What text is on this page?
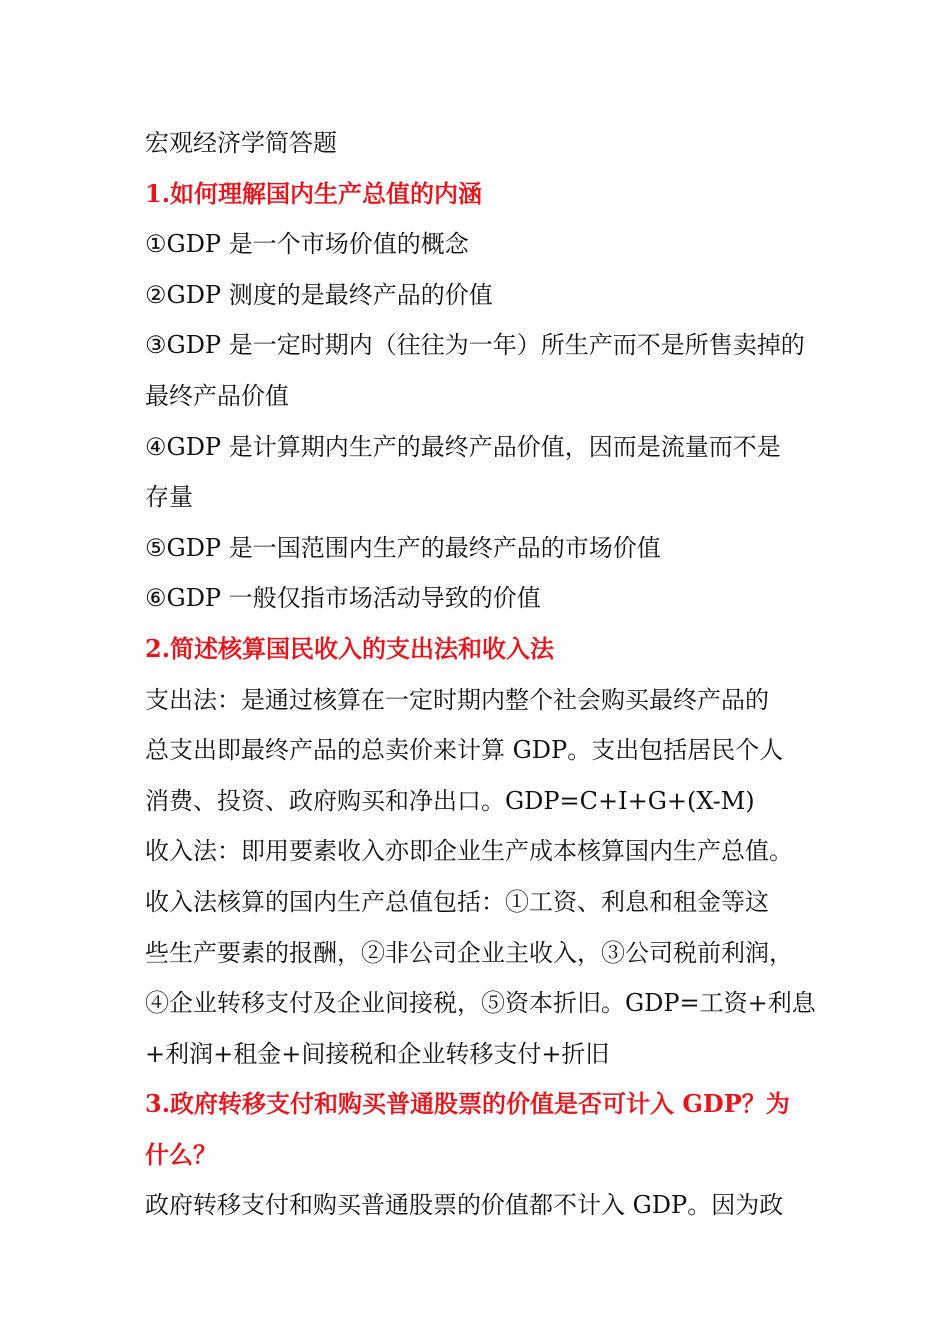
宏观经济学简答题
1.如何理解国内生产总值的内涵
①GDP 是一个市场价值的概念
②GDP 测度的是最终产品的价值
③GDP 是一定时期内（往往为一年）所生产而不是所售卖掉的
最终产品价值
④GDP 是计算期内生产的最终产品价值，因而是流量而不是
存量
⑤GDP 是一国范围内生产的最终产品的市场价值
⑥GDP 一般仅指市场活动导致的价值
2.简述核算国民收入的支出法和收入法
支出法：是通过核算在一定时期内整个社会购买最终产品的
总支出即最终产品的总卖价来计算 GDP。支出包括居民个人
消费、投资、政府购买和净出口。GDP=C+I+G+(X-M)
收入法：即用要素收入亦即企业生产成本核算国内生产总值。
收入法核算的国内生产总值包括：①工资、利息和租金等这
些生产要素的报酬，②非公司企业主收入，③公司税前利润，
④企业转移支付及企业间接税，⑤资本折旧。GDP=工资+利息
+利润+租金+间接税和企业转移支付+折旧
3.政府转移支付和购买普通股票的价值是否可计入 GDP？为
什么？
政府转移支付和购买普通股票的价值都不计入 GDP。因为政
